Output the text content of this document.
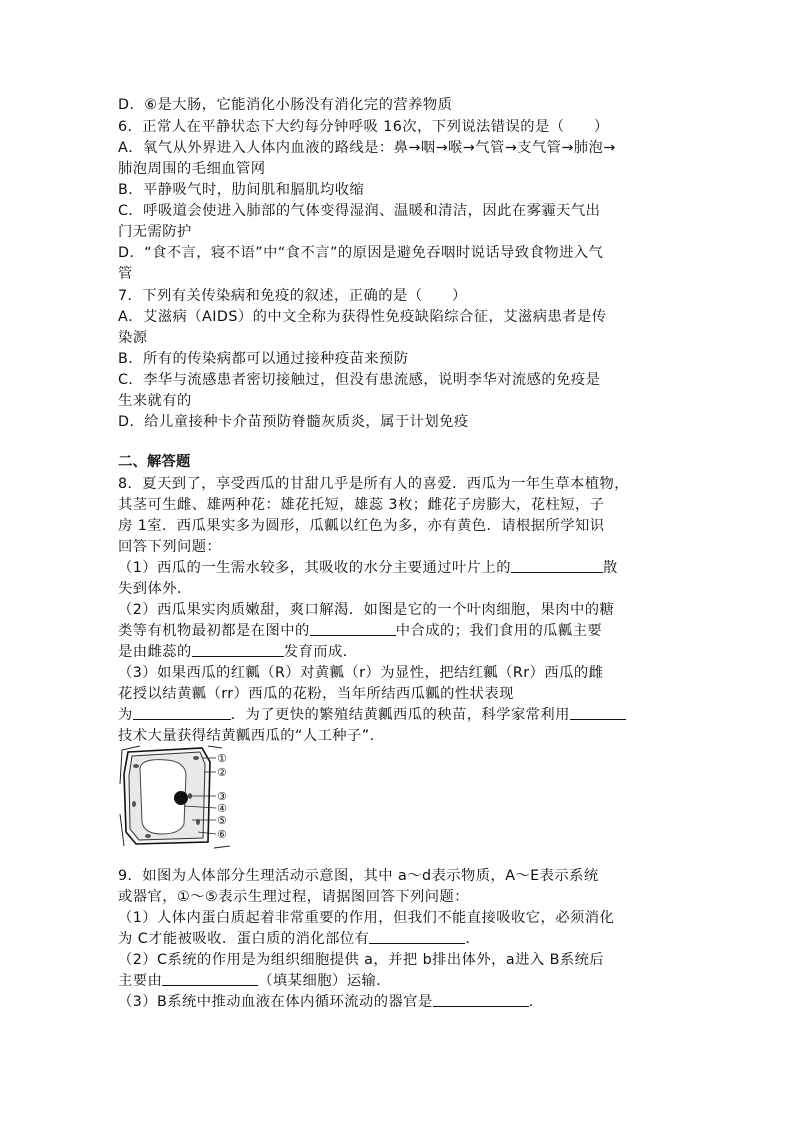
D．⑥是大肠，它能消化小肠没有消化完的营养物质
6．正常人在平静状态下大约每分钟呼吸 16次，下列说法错误的是（　　）
A．氧气从外界进入人体内血液的路线是：鼻→咽→喉→气管→支气管→肺泡→
肺泡周围的毛细血管网
B．平静吸气时，肋间肌和膈肌均收缩
C．呼吸道会使进入肺部的气体变得湿润、温暖和清洁，因此在雾霾天气出
门无需防护
D．“食不言，寝不语”中“食不言”的原因是避免吞咽时说话导致食物进入气
管
7．下列有关传染病和免疫的叙述，正确的是（　　）
A．艾滋病（AIDS）的中文全称为获得性免疫缺陷综合征，艾滋病患者是传
染源
B．所有的传染病都可以通过接种疫苗来预防
C．李华与流感患者密切接触过，但没有患流感，说明李华对流感的免疫是
生来就有的
D．给儿童接种卡介苗预防脊髓灰质炎，属于计划免疫
二、解答题
8．夏天到了，享受西瓜的甘甜几乎是所有人的喜爱．西瓜为一年生草本植物，
其茎可生雌、雄两种花：雄花托短，雄蕊 3枚；雌花子房膨大，花柱短，子
房 1室．西瓜果实多为圆形，瓜瓤以红色为多，亦有黄色．请根据所学知识
回答下列问题：
（1）西瓜的一生需水较多，其吸收的水分主要通过叶片上的	散
失到体外．
（2）西瓜果实肉质嫩甜，爽口解渴．如图是它的一个叶肉细胞，果肉中的糖
类等有机物最初都是在图中的	中合成的；我们食用的瓜瓤主要
是由雌蕊的	发育而成．
（3）如果西瓜的红瓤（R）对黄瓤（r）为显性，把结红瓤（Rr）西瓜的雌
花授以结黄瓤（rr）西瓜的花粉，当年所结西瓜瓤的性状表现
为	．为了更快的繁殖结黄瓤西瓜的秧苗，科学家常利用
技术大量获得结黄瓤西瓜的“人工种子”．
①
②
③
④
⑤
⑥
9．如图为人体部分生理活动示意图，其中 a～d表示物质，A～E表示系统
或器官，①～⑤表示生理过程，请据图回答下列问题：
（1）人体内蛋白质起着非常重要的作用，但我们不能直接吸收它，必须消化
为 C才能被吸收．蛋白质的消化部位有	．
（2）C系统的作用是为组织细胞提供 a，并把 b排出体外，a进入 B系统后
主要由	（填某细胞）运输．
（3）B系统中推动血液在体内循环流动的器官是	．
